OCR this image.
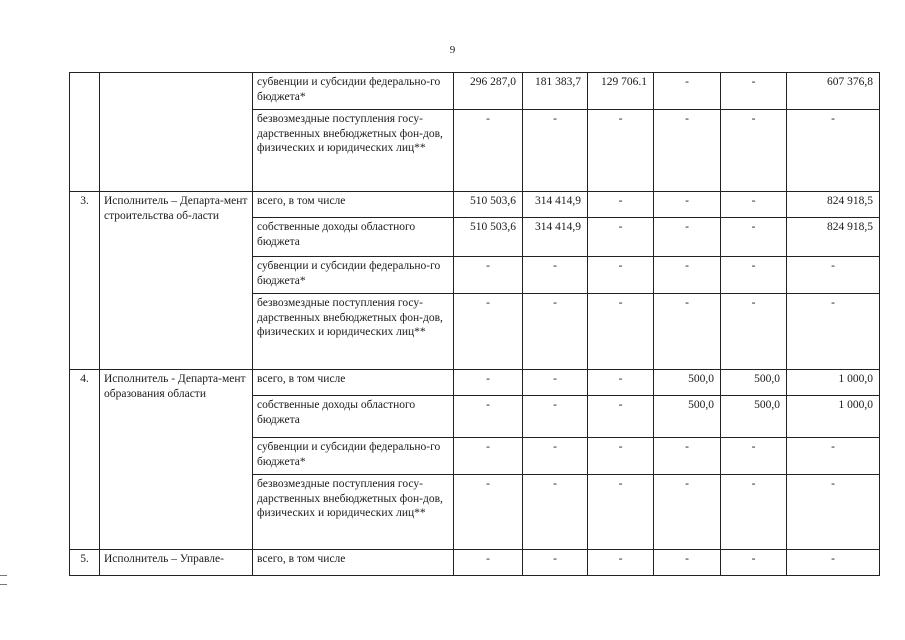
9
		субвенции и субсидии федерально-го бюджета*	296 287,0	181 383,7	129 706.1	-	-	607 376,8
		безвозмездные поступления госу-дарственных внебюджетных фон-дов, физических и юридических лиц**	-	-	-	-	-	-
3.	Исполнитель – Департа-мент строительства об-ласти	всего, в том числе	510 503,6	314 414,9	-	-	-	824 918,5
		собственные доходы областного бюджета	510 503,6	314 414,9	-	-	-	824 918,5
		субвенции и субсидии федерально-го бюджета*	-	-	-	-	-	-
		безвозмездные поступления госу-дарственных внебюджетных фон-дов, физических и юридических лиц**	-	-	-	-	-	-
4.	Исполнитель - Департа-мент образования области	всего, в том числе	-	-	-	500,0	500,0	1 000,0
		собственные доходы областного бюджета	-	-	-	500,0	500,0	1 000,0
		субвенции и субсидии федерально-го бюджета*	-	-	-	-	-	-
		безвозмездные поступления госу-дарственных внебюджетных фон-дов, физических и юридических лиц**	-	-	-	-	-	-
5.	Исполнитель – Управле-	всего, в том числе	-	-	-	-	-	-
